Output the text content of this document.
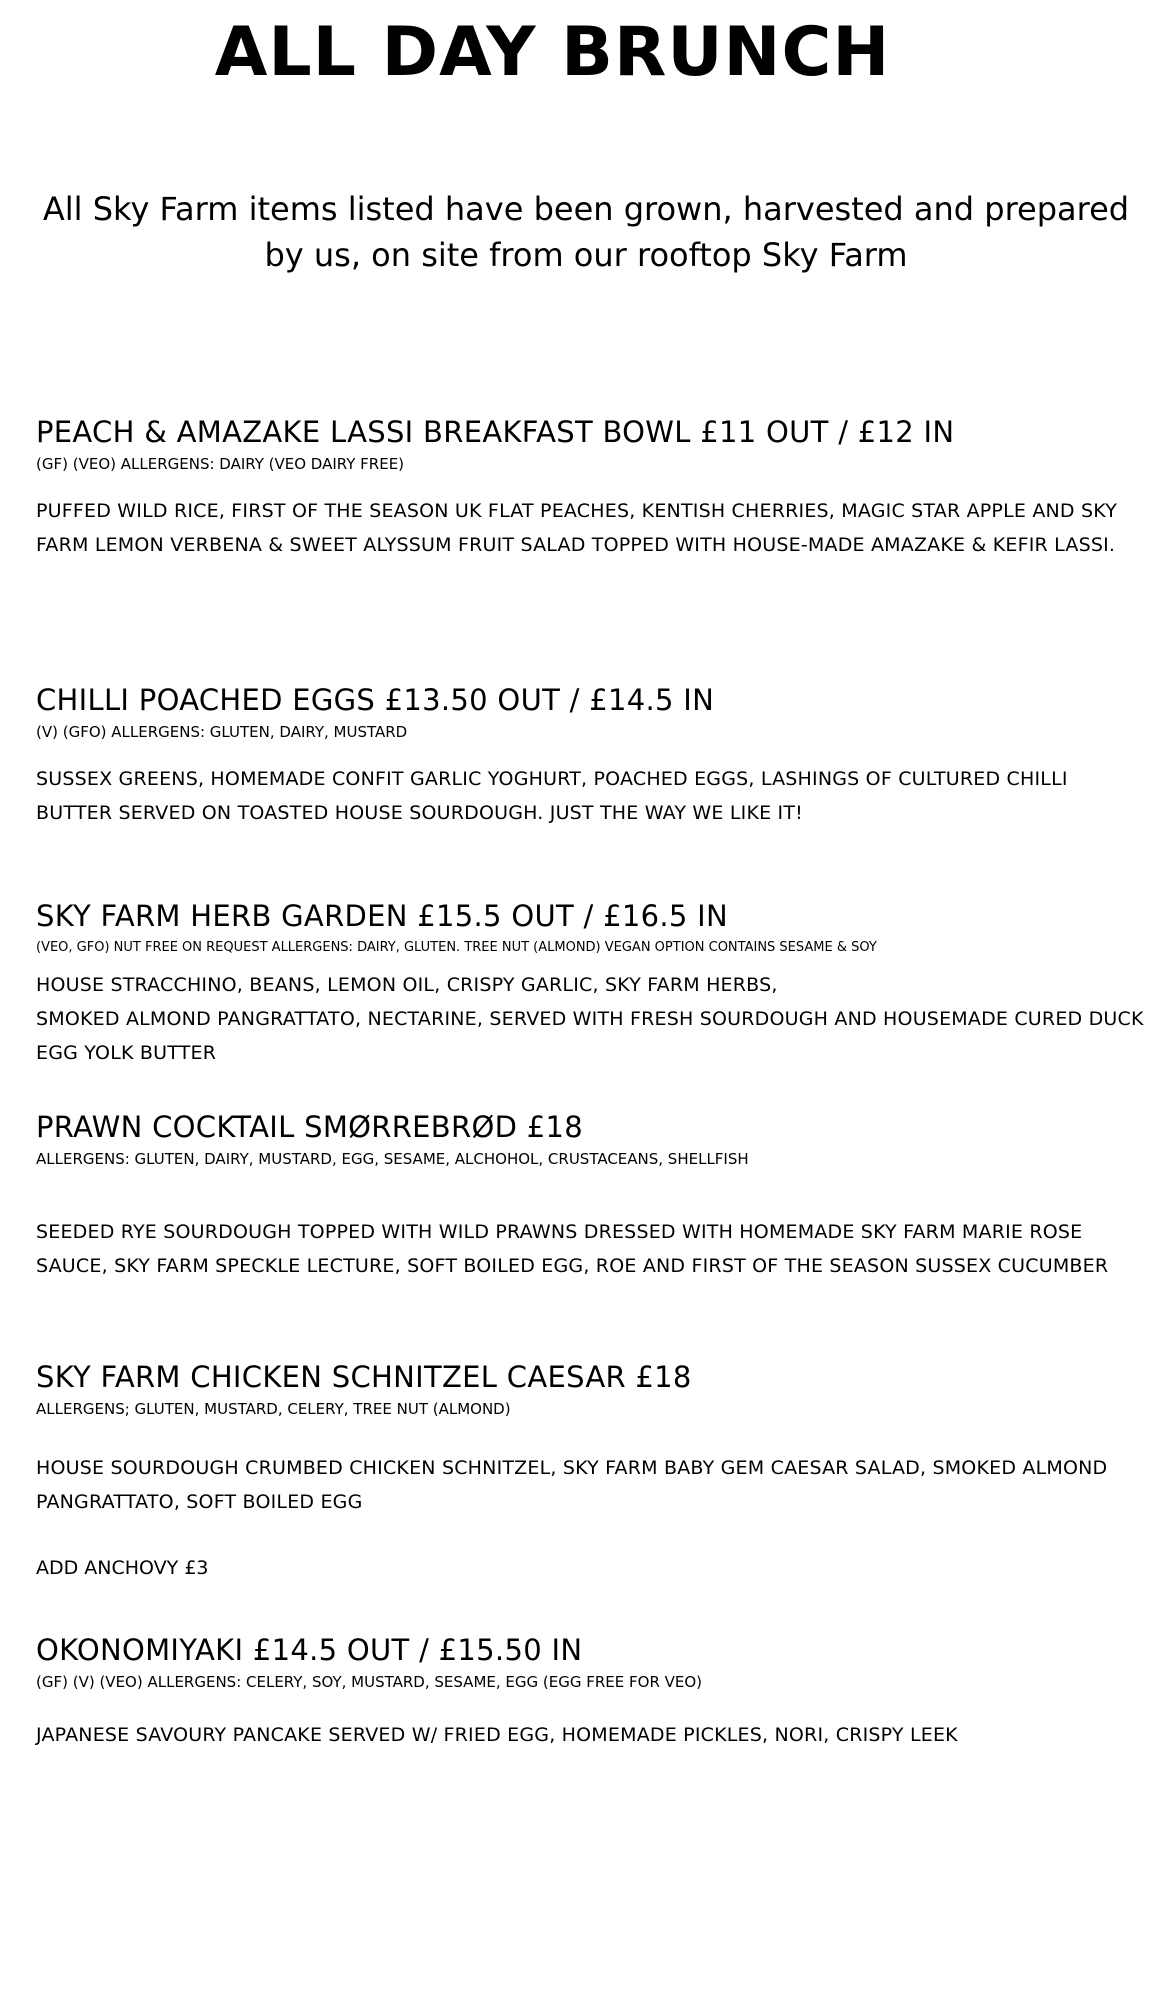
ALL DAY BRUNCH
All Sky Farm items listed have been grown, harvested and prepared
by us, on site from our rooftop Sky Farm
PEACH & AMAZAKE LASSI BREAKFAST BOWL £11 OUT / £12 IN
(GF) (VEO) ALLERGENS: DAIRY (VEO DAIRY FREE)
PUFFED WILD RICE, FIRST OF THE SEASON UK FLAT PEACHES, KENTISH CHERRIES, MAGIC STAR APPLE AND SKY FARM LEMON VERBENA & SWEET ALYSSUM FRUIT SALAD TOPPED WITH HOUSE-MADE AMAZAKE & KEFIR LASSI.
CHILLI POACHED EGGS £13.50 OUT / £14.5 IN
(V) (GFO) ALLERGENS: GLUTEN, DAIRY, MUSTARD
SUSSEX GREENS, HOMEMADE CONFIT GARLIC YOGHURT, POACHED EGGS, LASHINGS OF CULTURED CHILLI BUTTER SERVED ON TOASTED HOUSE SOURDOUGH. JUST THE WAY WE LIKE IT!
SKY FARM HERB GARDEN £15.5 OUT / £16.5 IN
(VEO, GFO) NUT FREE ON REQUEST ALLERGENS: DAIRY, GLUTEN. TREE NUT (ALMOND) VEGAN OPTION CONTAINS SESAME & SOY
HOUSE STRACCHINO, BEANS, LEMON OIL, CRISPY GARLIC, SKY FARM HERBS,
SMOKED ALMOND PANGRATTATO, NECTARINE, SERVED WITH FRESH SOURDOUGH AND HOUSEMADE CURED DUCK EGG YOLK BUTTER
PRAWN COCKTAIL SMØRREBRØD £18
ALLERGENS: GLUTEN, DAIRY, MUSTARD, EGG, SESAME, ALCHOHOL, CRUSTACEANS, SHELLFISH
SEEDED RYE SOURDOUGH TOPPED WITH WILD PRAWNS DRESSED WITH HOMEMADE SKY FARM MARIE ROSE SAUCE, SKY FARM SPECKLE LECTURE, SOFT BOILED EGG, ROE AND FIRST OF THE SEASON SUSSEX CUCUMBER
SKY FARM CHICKEN SCHNITZEL CAESAR £18
ALLERGENS; GLUTEN, MUSTARD, CELERY, TREE NUT (ALMOND)
HOUSE SOURDOUGH CRUMBED CHICKEN SCHNITZEL, SKY FARM BABY GEM CAESAR SALAD, SMOKED ALMOND PANGRATTATO, SOFT BOILED EGG
ADD ANCHOVY £3
OKONOMIYAKI £14.5 OUT / £15.50 IN
(GF) (V) (VEO) ALLERGENS: CELERY, SOY, MUSTARD, SESAME, EGG (EGG FREE FOR VEO)
JAPANESE SAVOURY PANCAKE SERVED W/ FRIED EGG, HOMEMADE PICKLES, NORI, CRISPY LEEK
